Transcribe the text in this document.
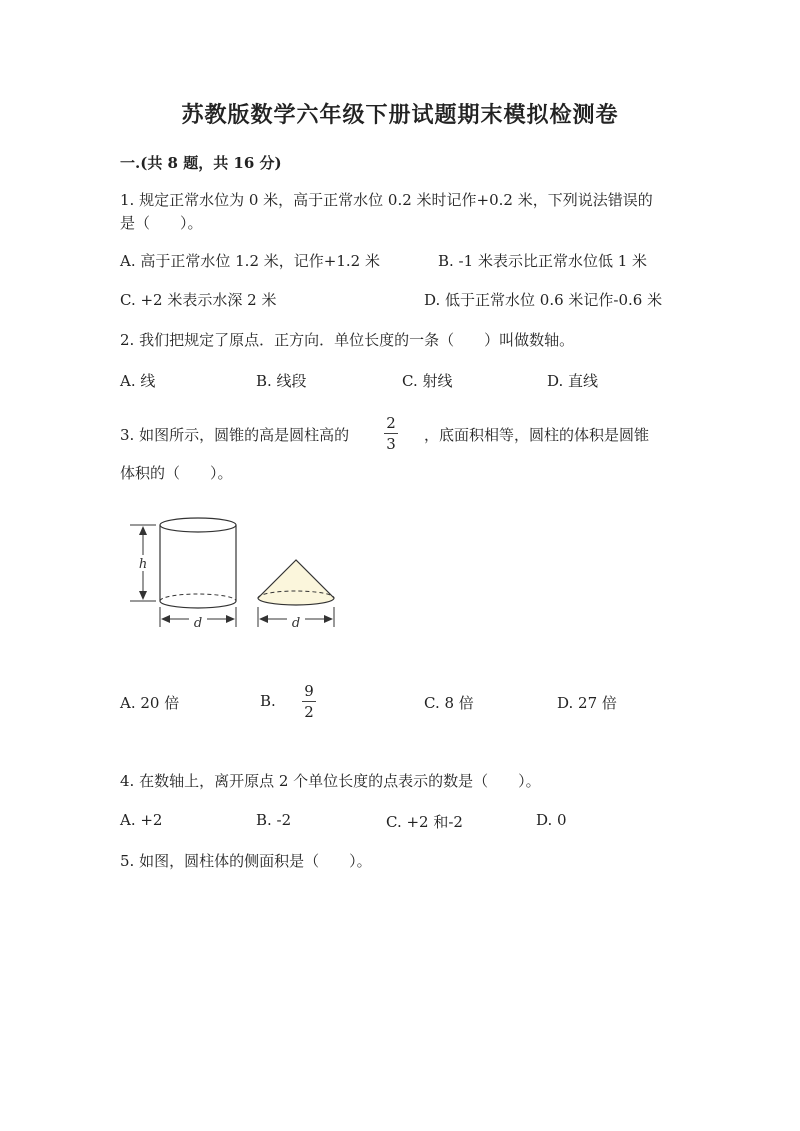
苏教版数学六年级下册试题期末模拟检测卷
一.(共 8 题，共 16 分)
1. 规定正常水位为 0 米，高于正常水位 0.2 米时记作+0.2 米，下列说法错误的
是（　　）。
A. 高于正常水位 1.2 米，记作+1.2 米	B. -1 米表示比正常水位低 1 米
C. +2 米表示水深 2 米	D. 低于正常水位 0.6 米记作-0.6 米
2. 我们把规定了原点．正方向．单位长度的一条（　　）叫做数轴。
A. 线	B. 线段	C. 射线	D. 直线
3. 如图所示，圆锥的高是圆柱高的
2
3 ，底面积相等，圆柱的体积是圆锥
体积的（　　）。
h
d	d
A. 20 倍	B.
9
2	C. 8 倍	D. 27 倍
4. 在数轴上，离开原点 2 个单位长度的点表示的数是（　　）。
A. +2	B. -2	C. +2 和-2	D. 0
5. 如图，圆柱体的侧面积是（　　）。
